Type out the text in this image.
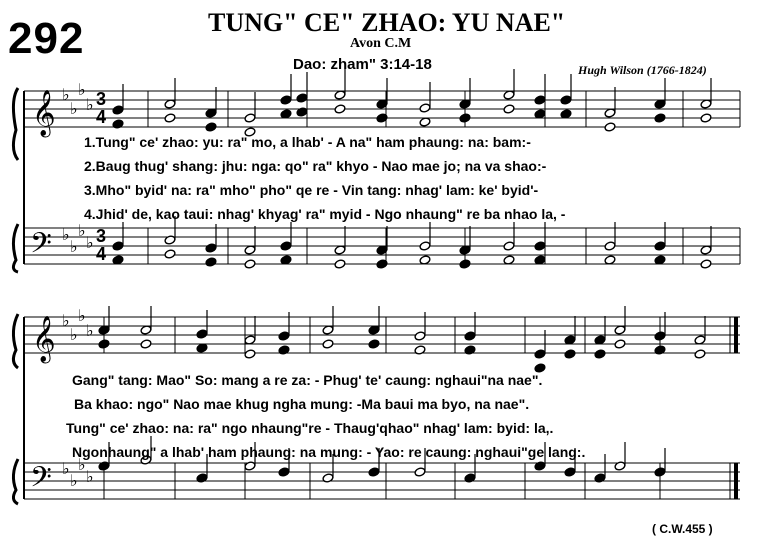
292	TUNG" CE" ZHAO: YU NAE"
Avon C.M
Dao: zham" 3:14-18	Hugh Wilson (1766-1824)
𝄞
𝄢
𝄞
𝄢
♭
♭
♭
♭
♭
♭
♭
♭
♭
♭
♭
♭
♭
♭
♭
♭
3
4
3
4
1.Tung" ce' zhao: yu: ra" mo, a lhab' - A na" ham phaung: na: bam:-
2.Baug thug' shang: jhu: nga: qo" ra" khyo - Nao mae jo; na va shao:-
3.Mho" byid' na: ra" mho" pho" qe re - Vin tang: nhag' lam: ke' byid'-
4.Jhid' de, kao taui: nhag' khyag' ra" myid - Ngo nhaung" re ba nhao la, -
Gang" tang: Mao" So: mang a re za: - Phug' te' caung: nghaui"na nae".
Ba khao: ngo" Nao mae khug ngha mung: -Ma baui ma byo, na nae".
Tung" ce' zhao: na: ra" ngo nhaung"re - Thaug'qhao" nhag' lam: byid: la,.
Ngonhaung" a lhab' ham phaung: na mung: - Yao: re caung: nghaui"ge lang:.
( C.W.455 )
